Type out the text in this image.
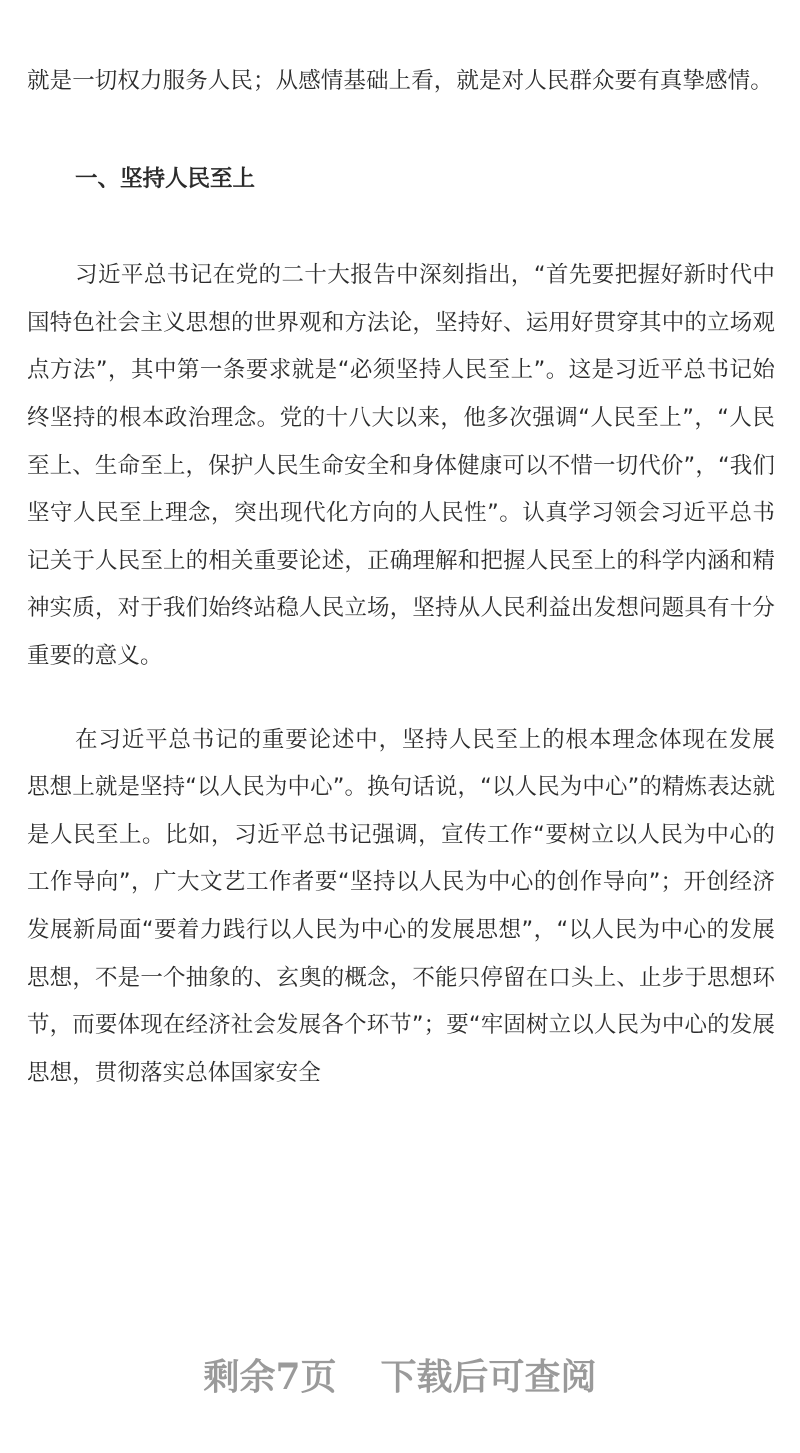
就是一切权力服务人民；从感情基础上看，就是对人民群众要有真挚感情。

一、坚持人民至上

习近平总书记在党的二十大报告中深刻指出，“首先要把握好新时代中国特色社会主义思想的世界观和方法论，坚持好、运用好贯穿其中的立场观点方法”，其中第一条要求就是“必须坚持人民至上”。这是习近平总书记始终坚持的根本政治理念。党的十八大以来，他多次强调“人民至上”，“人民至上、生命至上，保护人民生命安全和身体健康可以不惜一切代价”，“我们坚守人民至上理念，突出现代化方向的人民性”。认真学习领会习近平总书记关于人民至上的相关重要论述，正确理解和把握人民至上的科学内涵和精神实质，对于我们始终站稳人民立场，坚持从人民利益出发想问题具有十分重要的意义。

在习近平总书记的重要论述中，坚持人民至上的根本理念体现在发展思想上就是坚持“以人民为中心”。换句话说，“以人民为中心”的精炼表达就是人民至上。比如，习近平总书记强调，宣传工作“要树立以人民为中心的工作导向”，广大文艺工作者要“坚持以人民为中心的创作导向”；开创经济发展新局面“要着力践行以人民为中心的发展思想”，“以人民为中心的发展思想，不是一个抽象的、玄奥的概念，不能只停留在口头上、止步于思想环节，而要体现在经济社会发展各个环节”；要“牢固树立以人民为中心的发展思想，贯彻落实总体国家安全

剩余7页 下载后可查阅
